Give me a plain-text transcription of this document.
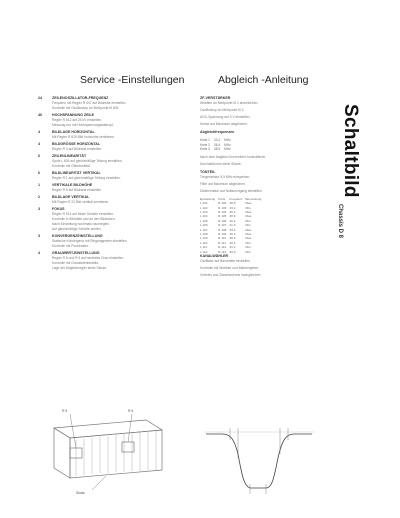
Service -Einstellungen	Abgleich -Anleitung
Schaltbild
Chassis D 8
24	ZEILENOSZILLATOR-FREQUENZ
Frequenz mit Regler R 447 auf Bildmitte einstellen.
Kontrolle mit Oszilloskop an Meßpunkt M 605.
46	HOCHSPANNUNG ZEILE
Regler R 612 auf 25 kV einstellen.
Messung nur mit Hochspannungstastkopf.
4	BILDLAGE HORIZONTAL
Mit Regler R 619 Bild horizontal zentrieren.
4	BILDGRÖSSE HORIZONTAL
Regler R 3 auf Bildrand einstellen.
6	ZEILENLINEARITÄT
Spule L 604 auf gleichmäßige Teilung einstellen.
Kontrolle mit Gittertestbild.
6	BILDLINEARITÄT VERTIKAL
Regler R 1 auf gleichmäßige Teilung einstellen.
1	VERTIKALE BILDHÖHE
Regler R 5 auf Bildrand einstellen.
2	BILDLAGE VERTIKAL
Mit Regler R 22 Bild vertikal zentrieren.
3	FOKUS
Regler R 514 auf beste Schärfe einstellen.
Kontrolle in Bildmitte und an den Bildecken.
Nach Einstellung nochmals nachregeln.
Auf gleichmäßige Schärfe achten.
3	KONVERGENZEINSTELLUNG
Statische Konvergenz mit Ringmagneten einstellen.
Kontrolle mit Punktraster.
4	GRAUWERT-EINSTELLUNG
Regler R 5 und R 6 auf neutrales Grau einstellen.
Kontrolle mit Graustufentestbild.
Lage der Abgleichregler siehe Skizze.
ZF-VERSTÄRKER
Wobbler an Meßpunkt M 1 anschließen.
Oszilloskop an Meßpunkt M 2.
AGC-Spannung auf 3 V einstellen.
Kreise auf Maximum abgleichen.
Abgleichfrequenzen
Kreis 1	33,4	MHz
Kreis 2	36,4	MHz
Kreis 3	38,9	MHz
Nach dem Abgleich Kurvenform kontrollieren.
Durchlaßkurve siehe Skizze.
TONTEIL
Tongenerator 5,5 MHz einspeisen.
Filter auf Maximum abgleichen.
Diskriminator auf Nulldurchgang einstellen.
Einstellung	Kreis	Frequenz	Bemerkung
L 101	R 102	38,9	Max.
L 102	R 103	33,4	Min.
L 103	R 104	36,4	Max.
L 104	R 105	38,9	Max.
L 105	R 106	40,4	Min.
L 106	R 107	31,9	Min.
L 107	R 108	33,4	Max.
L 108	R 109	36,4	Max.
L 109	R 110	38,9	Max.
L 110	R 111	40,4	Min.
L 111	R 112	41,4	Min.
L 112	R 113	39,9	Min.
KANALWÄHLER
Oszillator auf Bandmitte einstellen.
Kontrolle mit Wobbler und Markengeber.
Vorkreis und Zwischenkreis nachgleichen.
R 5	R 6
Skala
